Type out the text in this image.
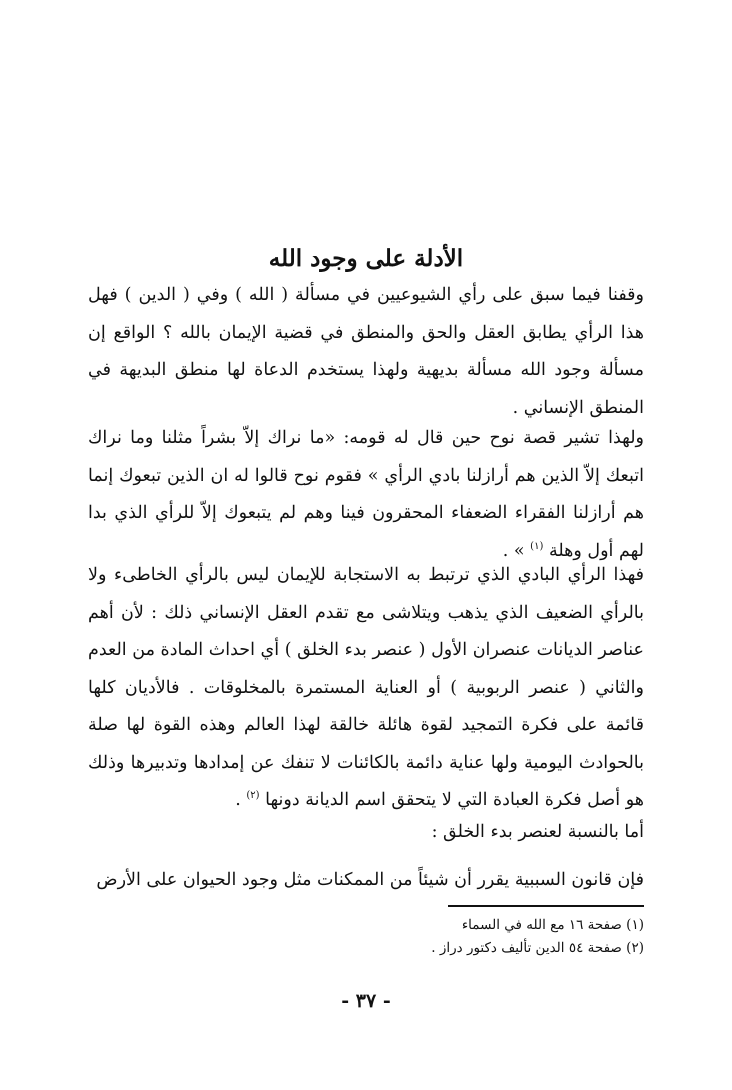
الأدلة على وجود الله

وقفنا فيما سبق على رأي الشيوعيين في مسألة ( الله ) وفي ( الدين ) فهل هذا الرأي يطابق العقل والحق والمنطق في قضية الإيمان بالله ؟ الواقع إن مسألة وجود الله مسألة بديهية ولهذا يستخدم الدعاة لها منطق البديهة في المنطق الإنساني .

ولهذا تشير قصة نوح حين قال له قومه: «ما نراك إلاّ بشراً مثلنا وما نراك اتبعك إلاّ الذين هم أرازلنا بادي الرأي » فقوم نوح قالوا له ان الذين تبعوك إنما هم أرازلنا الفقراء الضعفاء المحقرون فينا وهم لم يتبعوك إلاّ للرأي الذي بدا لهم أول وهلة $^{(١)}$ » .

فهذا الرأي البادي الذي ترتبط به الاستجابة للإيمان ليس بالرأي الخاطىء ولا بالرأي الضعيف الذي يذهب ويتلاشى مع تقدم العقل الإنساني ذلك : لأن أهم عناصر الديانات عنصران الأول ( عنصر بدء الخلق ) أي احداث المادة من العدم والثاني ( عنصر الربوبية ) أو العناية المستمرة بالمخلوقات . فالأديان كلها قائمة على فكرة التمجيد لقوة هائلة خالقة لهذا العالم وهذه القوة لها صلة بالحوادث اليومية ولها عناية دائمة بالكائنات لا تنفك عن إمدادها وتدبيرها وذلك هو أصل فكرة العبادة التي لا يتحقق اسم الديانة دونها $^{(٢)}$ .

أما بالنسبة لعنصر بدء الخلق :

فإن قانون السببية يقرر أن شيئاً من الممكنات مثل وجود الحيوان على الأرض

(١) صفحة ١٦ مع الله في السماء
(٢) صفحة ٥٤ الدين تأليف دكتور دراز .
- ٣٧ -
